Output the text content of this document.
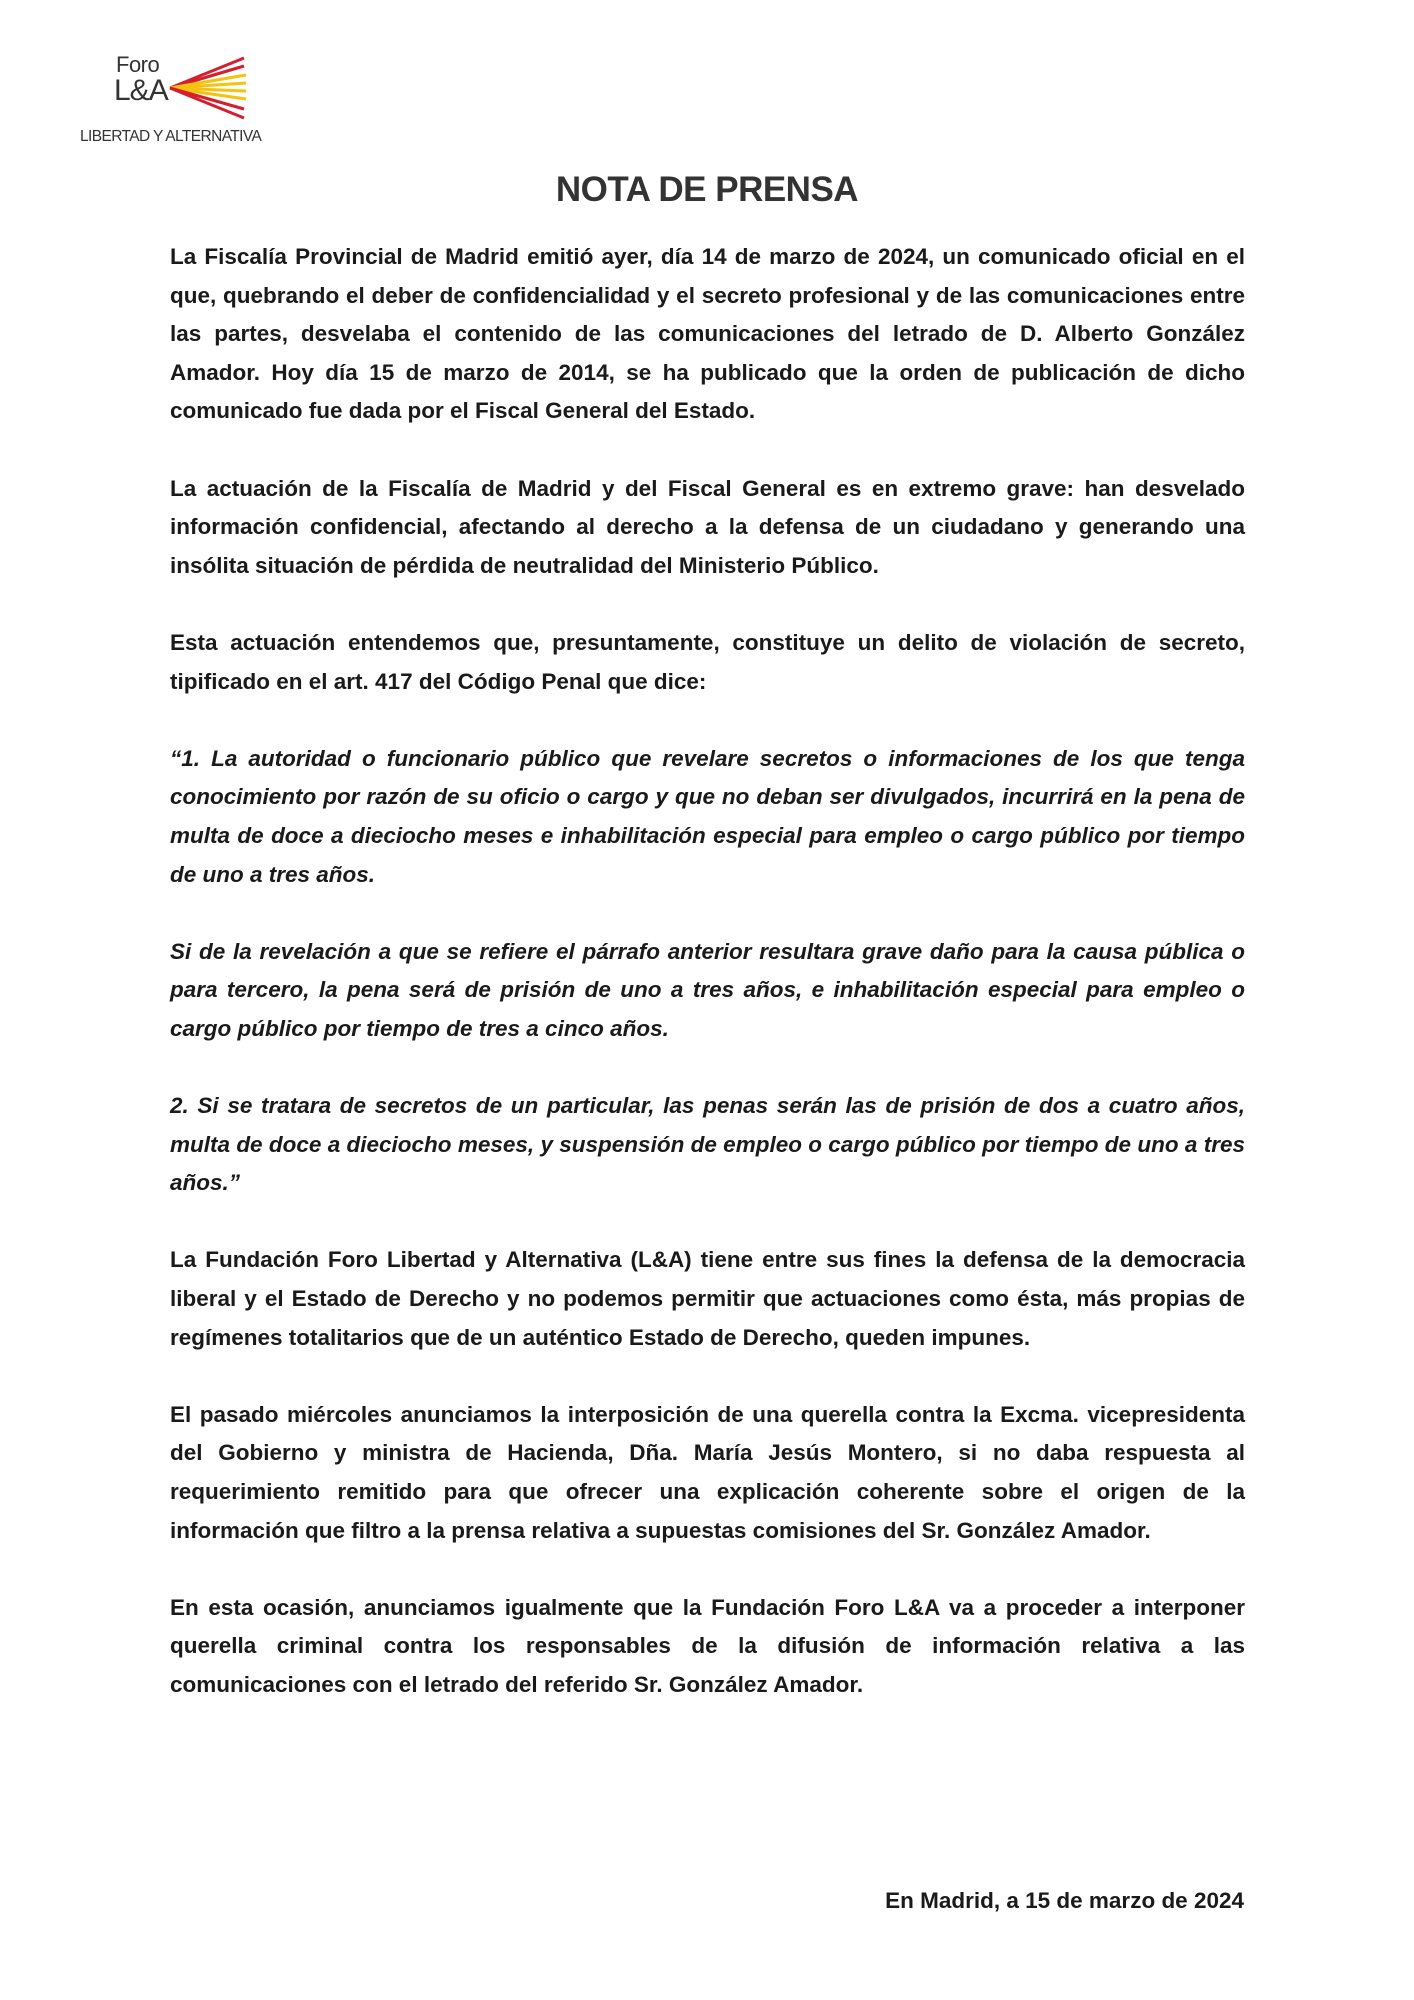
Foro
L&A
LIBERTAD Y ALTERNATIVA
NOTA DE PRENSA

La Fiscalía Provincial de Madrid emitió ayer, día 14 de marzo de 2024, un comunicado oficial en el que, quebrando el deber de confidencialidad y el secreto profesional y de las comunicaciones entre las partes, desvelaba el contenido de las comunicaciones del letrado de D. Alberto González Amador. Hoy día 15 de marzo de 2014, se ha publicado que la orden de publicación de dicho comunicado fue dada por el Fiscal General del Estado.

La actuación de la Fiscalía de Madrid y del Fiscal General es en extremo grave: han desvelado información confidencial, afectando al derecho a la defensa de un ciudadano y generando una insólita situación de pérdida de neutralidad del Ministerio Público.

Esta actuación entendemos que, presuntamente, constituye un delito de violación de secreto, tipificado en el art. 417 del Código Penal que dice:

“1. La autoridad o funcionario público que revelare secretos o informaciones de los que tenga conocimiento por razón de su oficio o cargo y que no deban ser divulgados, incurrirá en la pena de multa de doce a dieciocho meses e inhabilitación especial para empleo o cargo público por tiempo de uno a tres años.

Si de la revelación a que se refiere el párrafo anterior resultara grave daño para la causa pública o para tercero, la pena será de prisión de uno a tres años, e inhabilitación especial para empleo o cargo público por tiempo de tres a cinco años.

2. Si se tratara de secretos de un particular, las penas serán las de prisión de dos a cuatro años, multa de doce a dieciocho meses, y suspensión de empleo o cargo público por tiempo de uno a tres años.”

La Fundación Foro Libertad y Alternativa (L&A) tiene entre sus fines la defensa de la democracia liberal y el Estado de Derecho y no podemos permitir que actuaciones como ésta, más propias de regímenes totalitarios que de un auténtico Estado de Derecho, queden impunes.

El pasado miércoles anunciamos la interposición de una querella contra la Excma. vicepresidenta del Gobierno y ministra de Hacienda, Dña. María Jesús Montero, si no daba respuesta al requerimiento remitido para que ofrecer una explicación coherente sobre el origen de la información que filtro a la prensa relativa a supuestas comisiones del Sr. González Amador.

En esta ocasión, anunciamos igualmente que la Fundación Foro L&A va a proceder a interponer querella criminal contra los responsables de la difusión de información relativa a las comunicaciones con el letrado del referido Sr. González Amador.

En Madrid, a 15 de marzo de 2024
